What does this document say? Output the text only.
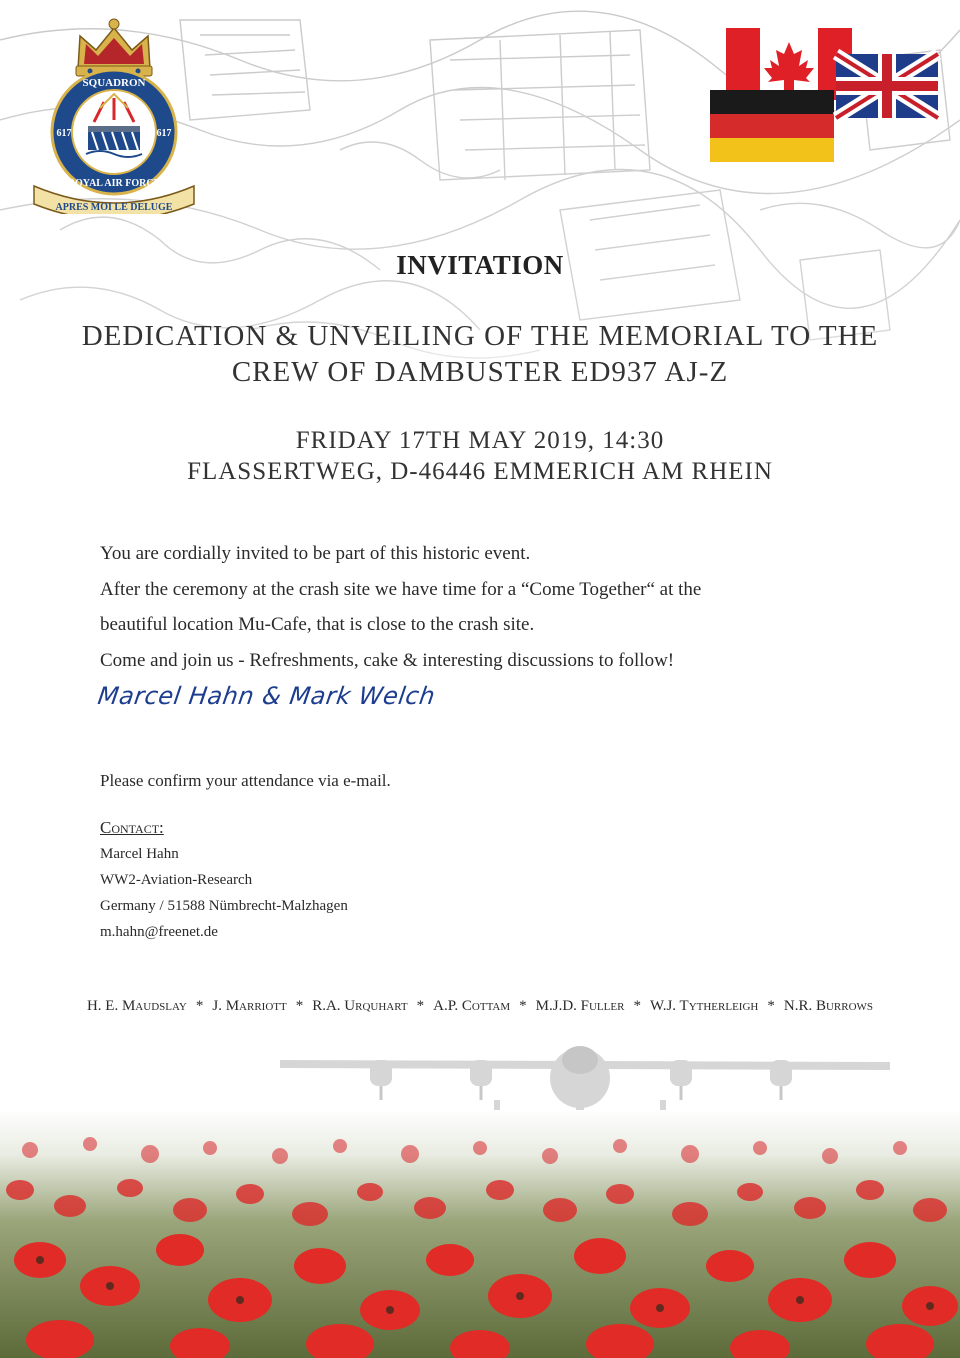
SQUADRON
617	617
ROYAL AIR FORCE
APRES MOI LE DELUGE
INVITATION
DEDICATION & UNVEILING OF THE MEMORIAL TO THE
CREW OF DAMBUSTER ED937 AJ-Z
FRIDAY 17TH MAY 2019, 14:30
FLASSERTWEG, D-46446 EMMERICH AM RHEIN

You are cordially invited to be part of this historic event.

After the ceremony at the crash site we have time for a “Come Together“ at the

beautiful location Mu-Cafe, that is close to the crash site.

Come and join us - Refreshments, cake & interesting discussions to follow!

Marcel Hahn & Mark Welch
Please confirm your attendance via e-mail.
Contact:
Marcel Hahn
WW2-Aviation-Research
Germany / 51588 Nümbrecht-Malzhagen
m.hahn@freenet.de
H. E. Maudslay * J. Marriott * R.A. Urquhart * A.P. Cottam * M.J.D. Fuller * W.J. Tytherleigh * N.R. Burrows
